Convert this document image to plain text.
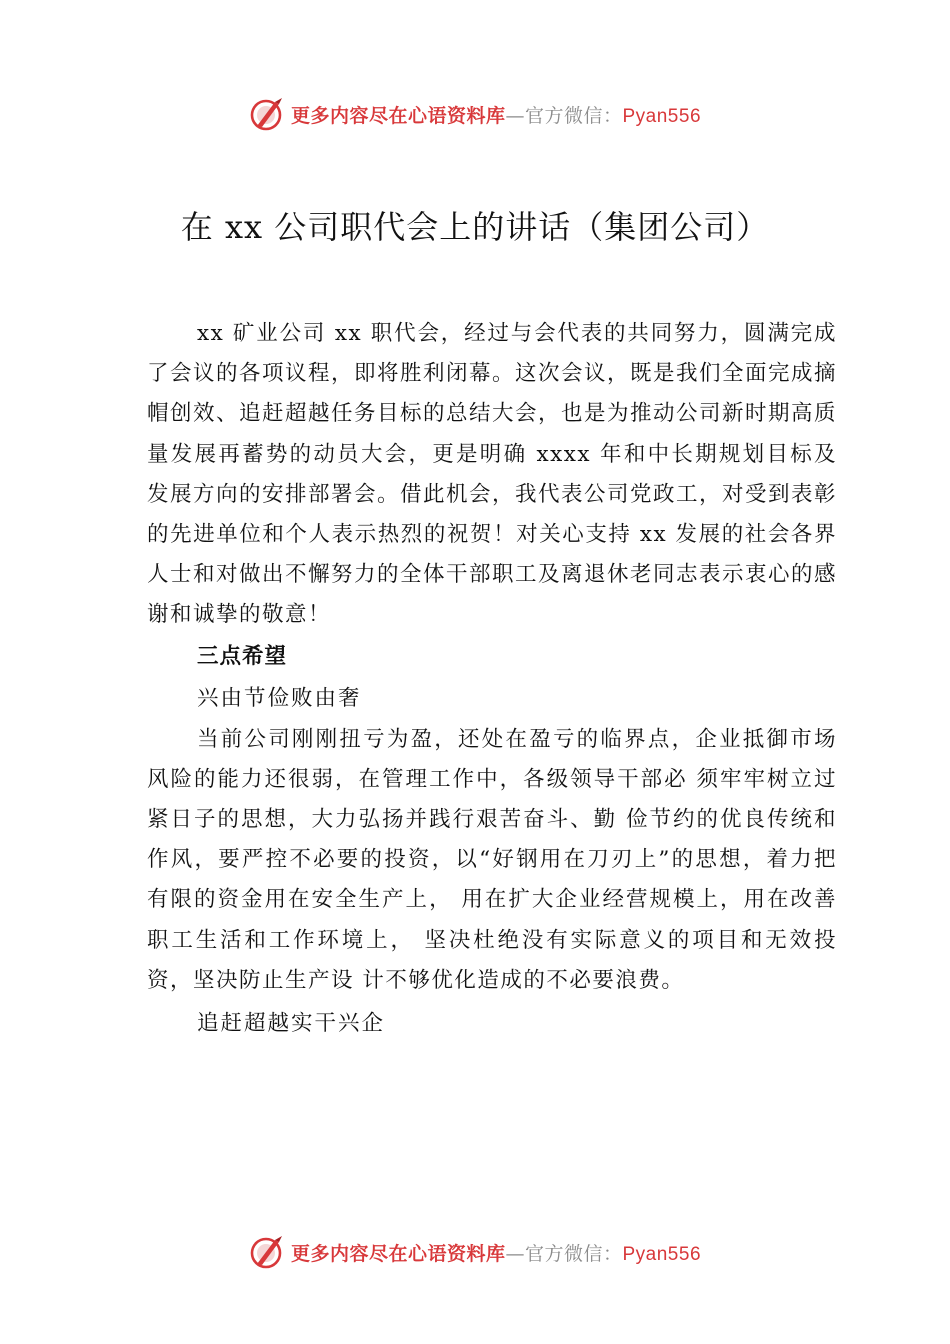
更多内容尽在心语资料库—官方微信：Pyan556
在 xx 公司职代会上的讲话（集团公司）

xx 矿业公司 xx 职代会，经过与会代表的共同努力，圆满完成了会议的各项议程，即将胜利闭幕。这次会议，既是我们全面完成摘帽创效、追赶超越任务目标的总结大会，也是为推动公司新时期高质量发展再蓄势的动员大会，更是明确 xxxx 年和中长期规划目标及发展方向的安排部署会。借此机会，我代表公司党政工，对受到表彰的先进单位和个人表示热烈的祝贺！对关心支持 xx 发展的社会各界人士和对做出不懈努力的全体干部职工及离退休老同志表示衷心的感谢和诚挚的敬意！

三点希望
兴由节俭败由奢

当前公司刚刚扭亏为盈，还处在盈亏的临界点，企业抵御市场风险的能力还很弱，在管理工作中，各级领导干部必 须牢牢树立过紧日子的思想，大力弘扬并践行艰苦奋斗、勤 俭节约的优良传统和作风，要严控不必要的投资，以“好钢用在刀刃上”的思想，着力把有限的资金用在安全生产上， 用在扩大企业经营规模上，用在改善职工生活和工作环境上， 坚决杜绝没有实际意义的项目和无效投资，坚决防止生产设 计不够优化造成的不必要浪费。

追赶超越实干兴企
更多内容尽在心语资料库—官方微信：Pyan556
